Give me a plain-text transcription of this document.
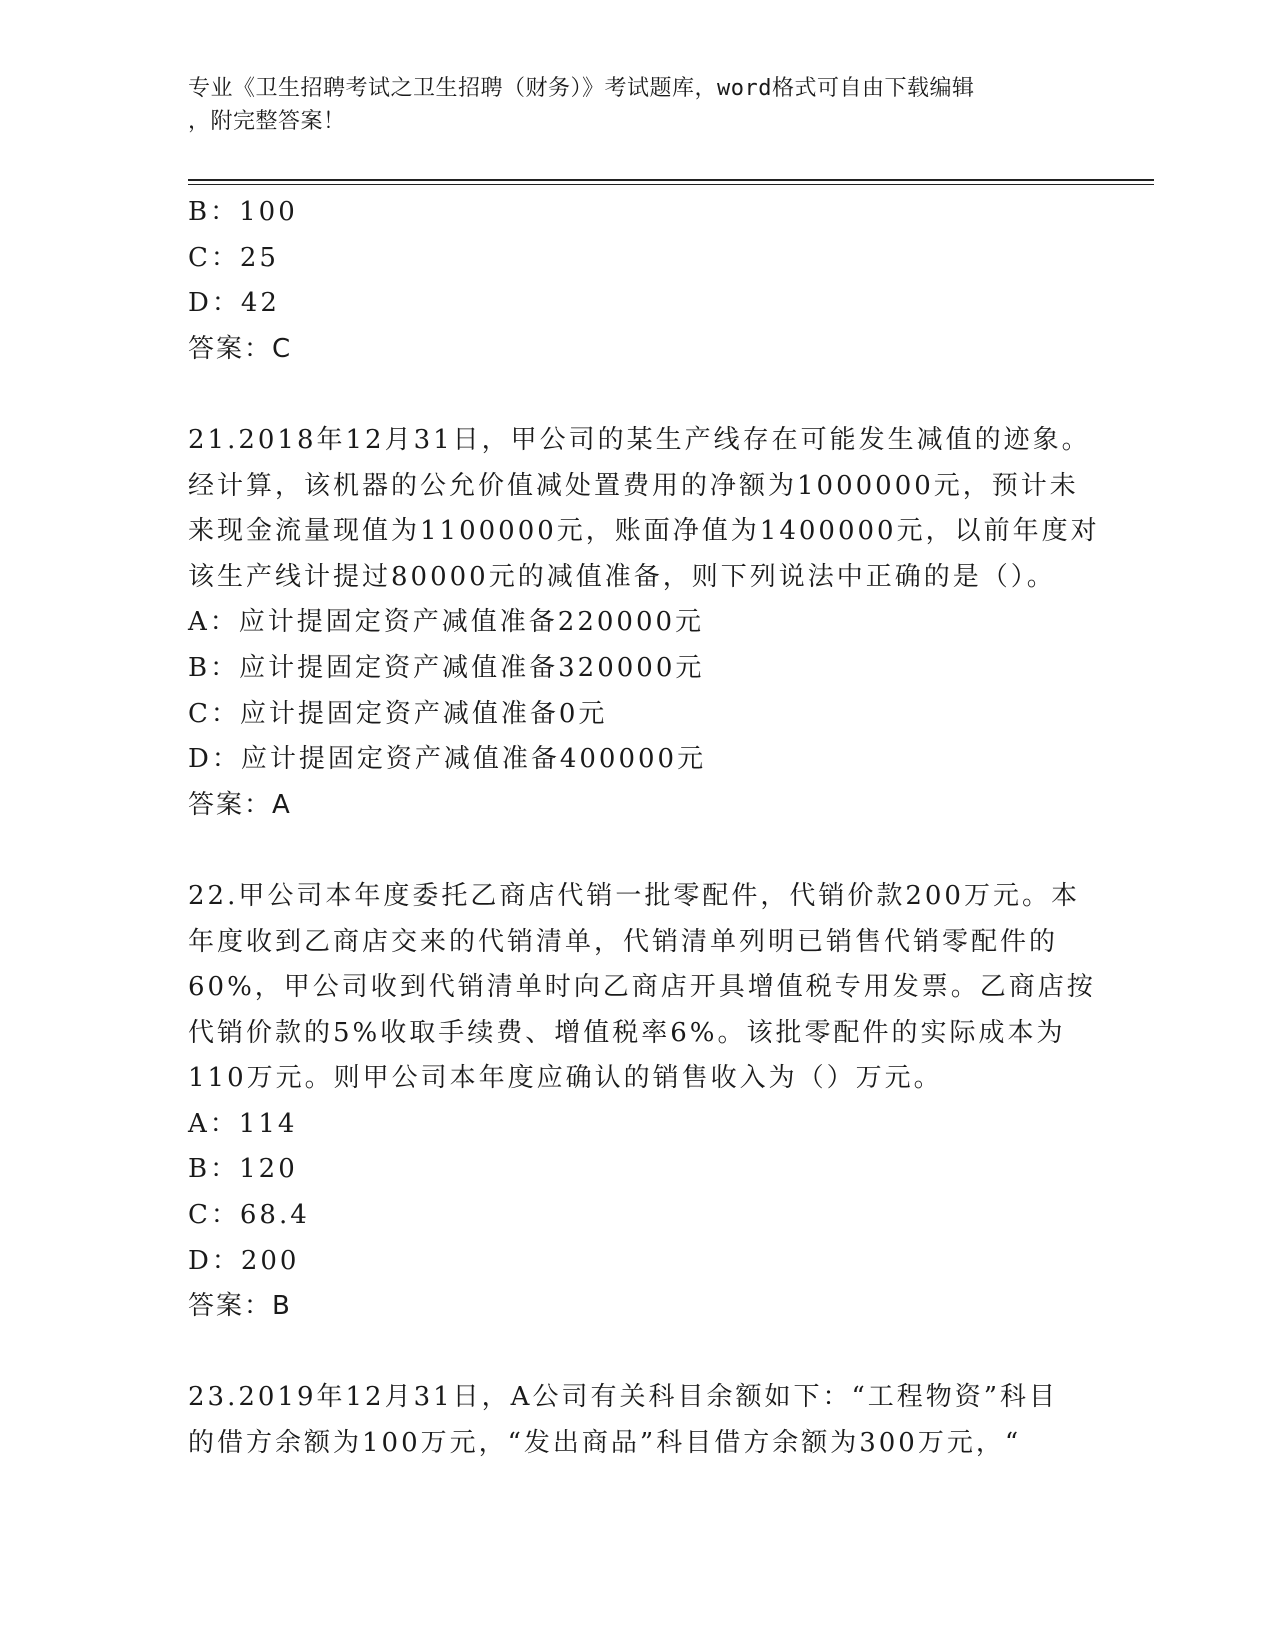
专业《卫生招聘考试之卫生招聘（财务）》考试题库，word格式可自由下载编辑
，附完整答案！
B：100
C：25
D：42
答案：C
21.2018年12月31日，甲公司的某生产线存在可能发生减值的迹象。
经计算，该机器的公允价值减处置费用的净额为1000000元，预计未
来现金流量现值为1100000元，账面净值为1400000元，以前年度对
该生产线计提过80000元的减值准备，则下列说法中正确的是（）。
A：应计提固定资产减值准备220000元
B：应计提固定资产减值准备320000元
C：应计提固定资产减值准备0元
D：应计提固定资产减值准备400000元
答案：A
22.甲公司本年度委托乙商店代销一批零配件，代销价款200万元。本
年度收到乙商店交来的代销清单，代销清单列明已销售代销零配件的
60%，甲公司收到代销清单时向乙商店开具增值税专用发票。乙商店按
代销价款的5%收取手续费、增值税率6%。该批零配件的实际成本为
110万元。则甲公司本年度应确认的销售收入为（）万元。
A：114
B：120
C：68.4
D：200
答案：B
23.2019年12月31日，A公司有关科目余额如下：“工程物资”科目
的借方余额为100万元，“发出商品”科目借方余额为300万元，“
